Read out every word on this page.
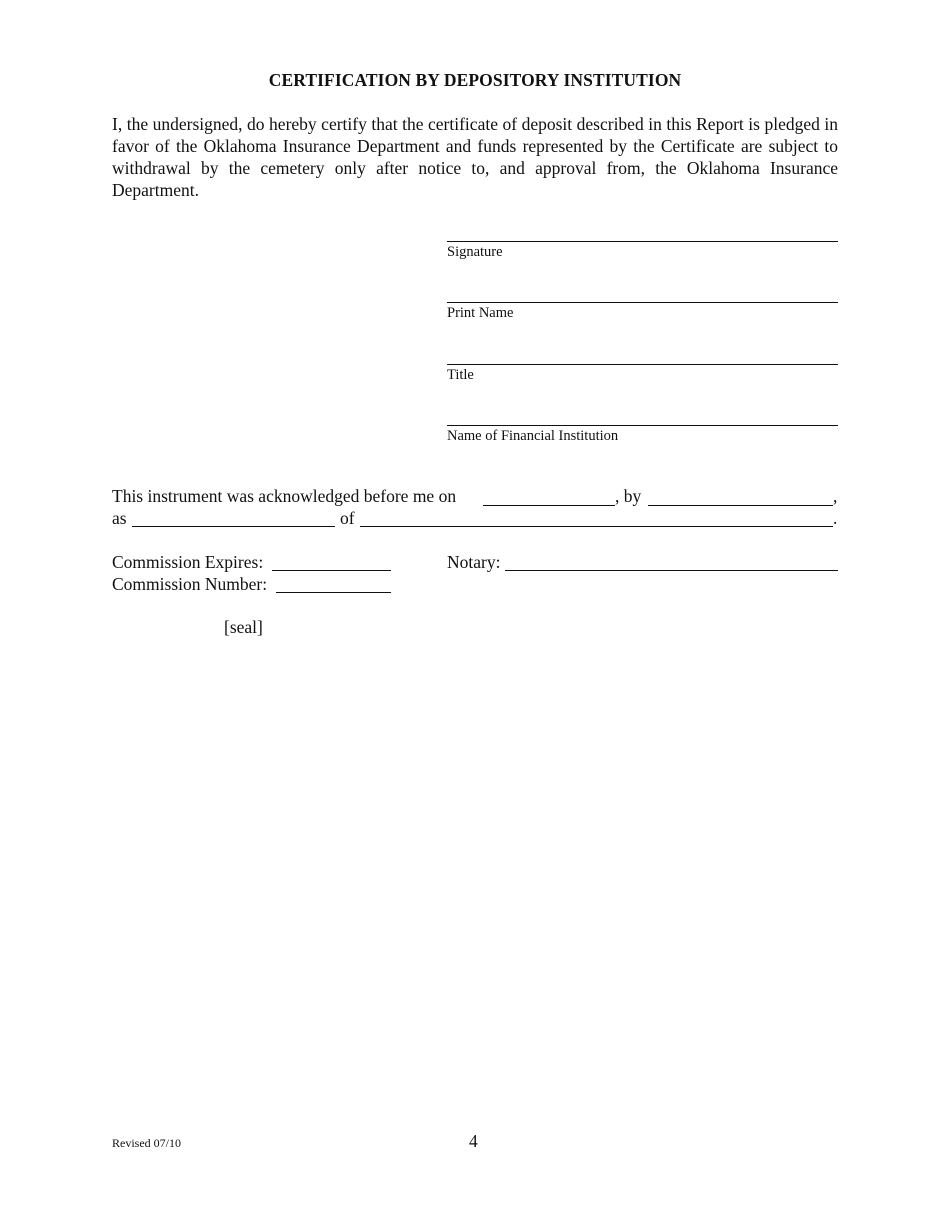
CERTIFICATION BY DEPOSITORY INSTITUTION
I, the undersigned, do hereby certify that the certificate of deposit described in this Report is pledged in favor of the Oklahoma Insurance Department and funds represented by the Certificate are subject to withdrawal by the cemetery only after notice to, and approval from, the Oklahoma Insurance Department.
Signature
Print Name
Title
Name of Financial Institution
This instrument was acknowledged before me on	, by	,
as	of	.
Commission Expires:	Notary:
Commission Number:
[seal]
Revised 07/10	4
